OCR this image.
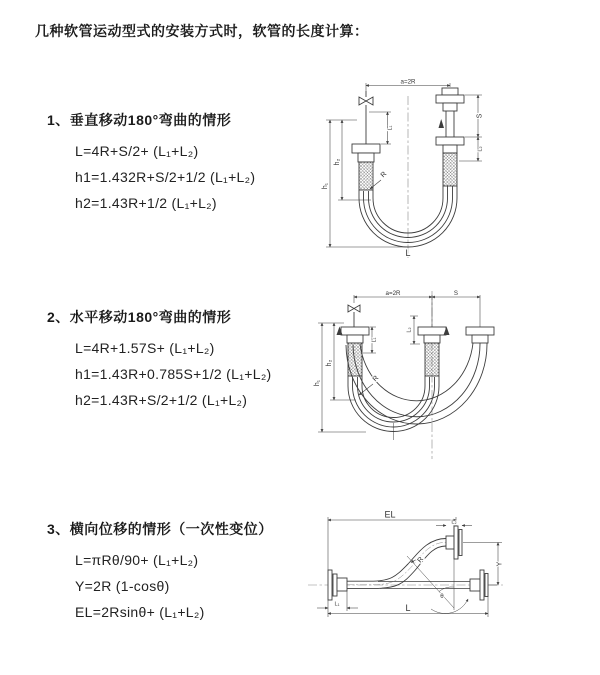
几种软管运动型式的安装方式时，软管的长度计算：
1、垂直移动180°弯曲的情形
L=4R+S/2+ (L₁+L₂)
h1=1.432R+S/2+1/2 (L₁+L₂)
h2=1.43R+1/2 (L₁+L₂)
2、水平移动180°弯曲的情形
L=4R+1.57S+ (L₁+L₂)
h1=1.43R+0.785S+1/2 (L₁+L₂)
h2=1.43R+S/2+1/2 (L₁+L₂)
3、横向位移的情形（一次性变位）
L=πRθ/90+ (L₁+L₂)
Y=2R (1-cosθ)
EL=2Rsinθ+ (L₁+L₂)
a=2R
L₁
h₁
h₂
S
L₂
R
L
a=2R	S
L₁
L₂
h₁
h₂
R
EL
L₂
Y
R
θ
L
L₁
